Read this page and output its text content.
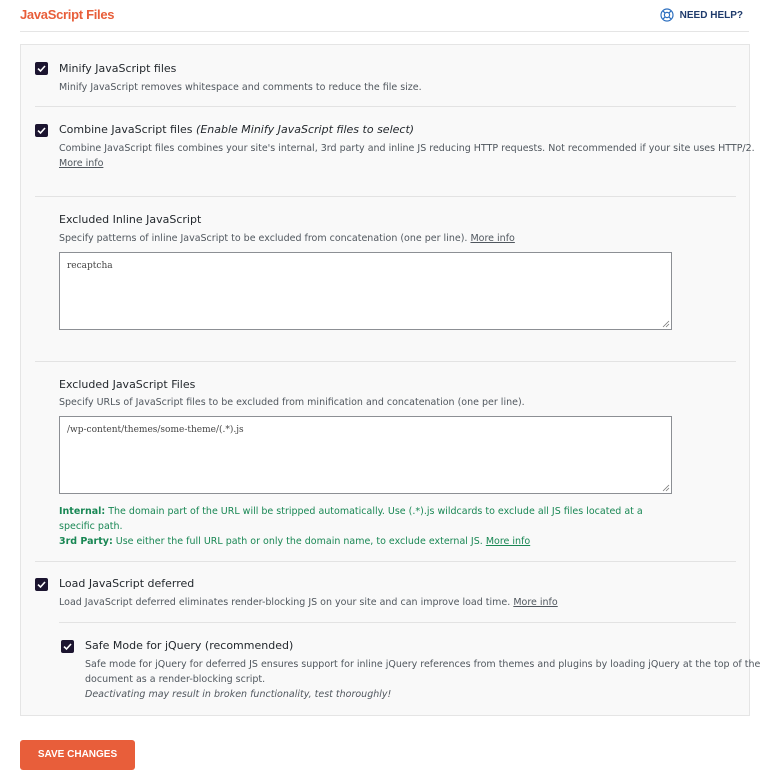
JavaScript Files	NEED HELP?
Minify JavaScript files
Minify JavaScript removes whitespace and comments to reduce the file size.
Combine JavaScript files (Enable Minify JavaScript files to select)
Combine JavaScript files combines your site's internal, 3rd party and inline JS reducing HTTP requests. Not recommended if your site uses HTTP/2.
More info
Excluded Inline JavaScript
Specify patterns of inline JavaScript to be excluded from concatenation (one per line). More info
recaptcha
Excluded JavaScript Files
Specify URLs of JavaScript files to be excluded from minification and concatenation (one per line).
/wp-content/themes/some-theme/(.*).js
Internal: The domain part of the URL will be stripped automatically. Use (.*).js wildcards to exclude all JS files located at a specific path.
3rd Party: Use either the full URL path or only the domain name, to exclude external JS. More info
Load JavaScript deferred
Load JavaScript deferred eliminates render-blocking JS on your site and can improve load time. More info
Safe Mode for jQuery (recommended)
Safe mode for jQuery for deferred JS ensures support for inline jQuery references from themes and plugins by loading jQuery at the top of the
document as a render-blocking script.
Deactivating may result in broken functionality, test thoroughly!
SAVE CHANGES
